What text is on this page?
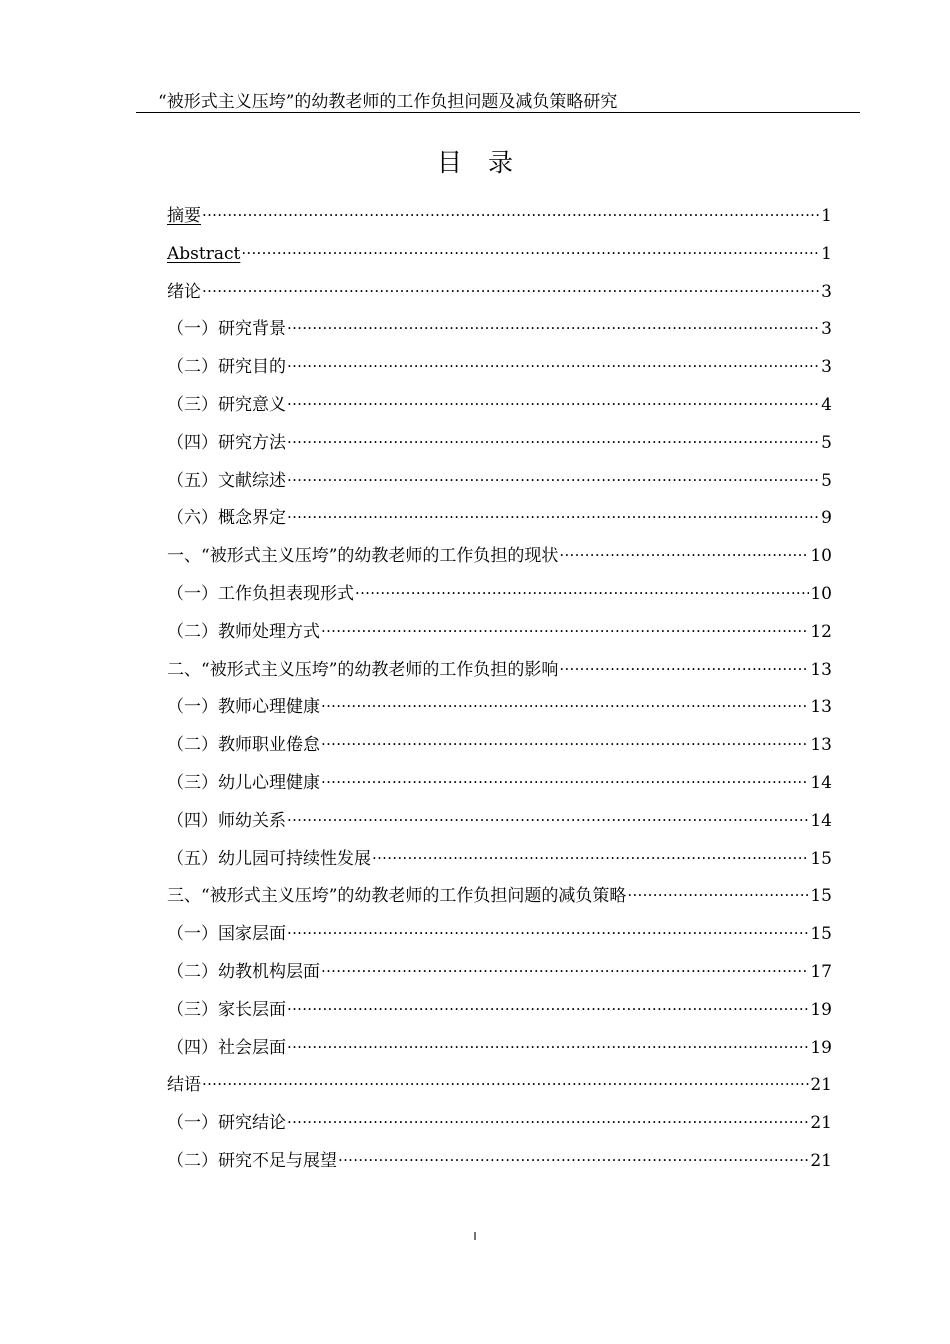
“被形式主义压垮”的幼教老师的工作负担问题及减负策略研究
目录
摘要 .....	1
Abstract .....	1
绪论 .....	3
（一）研究背景 .....	3
（二）研究目的 .....	3
（三）研究意义 .....	4
（四）研究方法 .....	5
（五）文献综述 .....	5
（六）概念界定 .....	9
一、“被形式主义压垮”的幼教老师的工作负担的现状 .....	10
（一）工作负担表现形式 .....	10
（二）教师处理方式 .....	12
二、“被形式主义压垮”的幼教老师的工作负担的影响 .....	13
（一）教师心理健康 .....	13
（二）教师职业倦怠 .....	13
（三）幼儿心理健康 .....	14
（四）师幼关系 .....	14
（五）幼儿园可持续性发展 .....	15
三、“被形式主义压垮”的幼教老师的工作负担问题的减负策略 .....	15
（一）国家层面 .....	15
（二）幼教机构层面 .....	17
（三）家长层面 .....	19
（四）社会层面 .....	19
结语 .....	21
（一）研究结论 .....	21
（二）研究不足与展望 .....	21
I
